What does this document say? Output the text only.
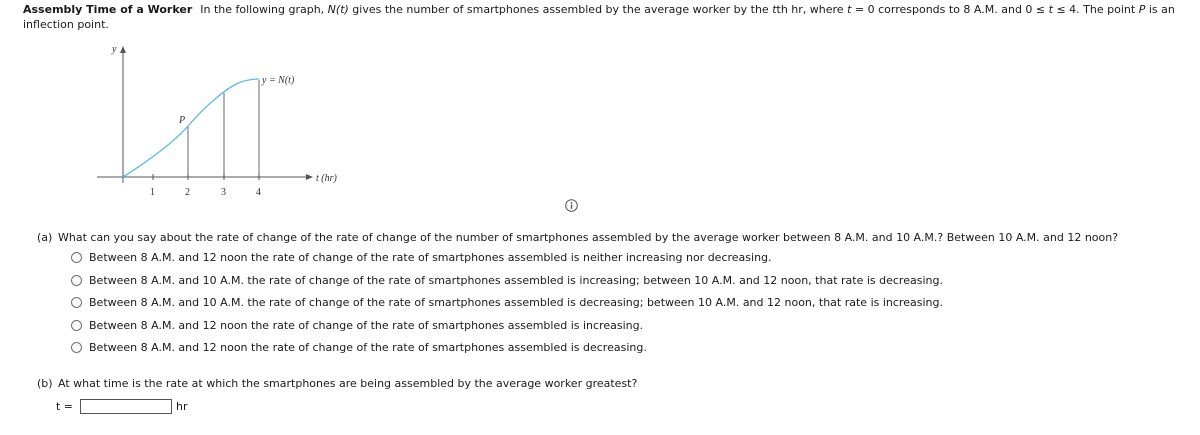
Assembly Time of a Worker In the following graph, N(t) gives the number of smartphones assembled by the average worker by the tth hr, where t = 0 corresponds to 8 A.M. and 0 ≤ t ≤ 4. The point P is an inflection point.
y
t (hr)
1	2	3	4
y = N(t)
P
(a) What can you say about the rate of change of the rate of change of the number of smartphones assembled by the average worker between 8 A.M. and 10 A.M.? Between 10 A.M. and 12 noon?
Between 8 A.M. and 12 noon the rate of change of the rate of smartphones assembled is neither increasing nor decreasing.
Between 8 A.M. and 10 A.M. the rate of change of the rate of smartphones assembled is increasing; between 10 A.M. and 12 noon, that rate is decreasing.
Between 8 A.M. and 10 A.M. the rate of change of the rate of smartphones assembled is decreasing; between 10 A.M. and 12 noon, that rate is increasing.
Between 8 A.M. and 12 noon the rate of change of the rate of smartphones assembled is increasing.
Between 8 A.M. and 12 noon the rate of change of the rate of smartphones assembled is decreasing.
(b) At what time is the rate at which the smartphones are being assembled by the average worker greatest?
t =	hr
